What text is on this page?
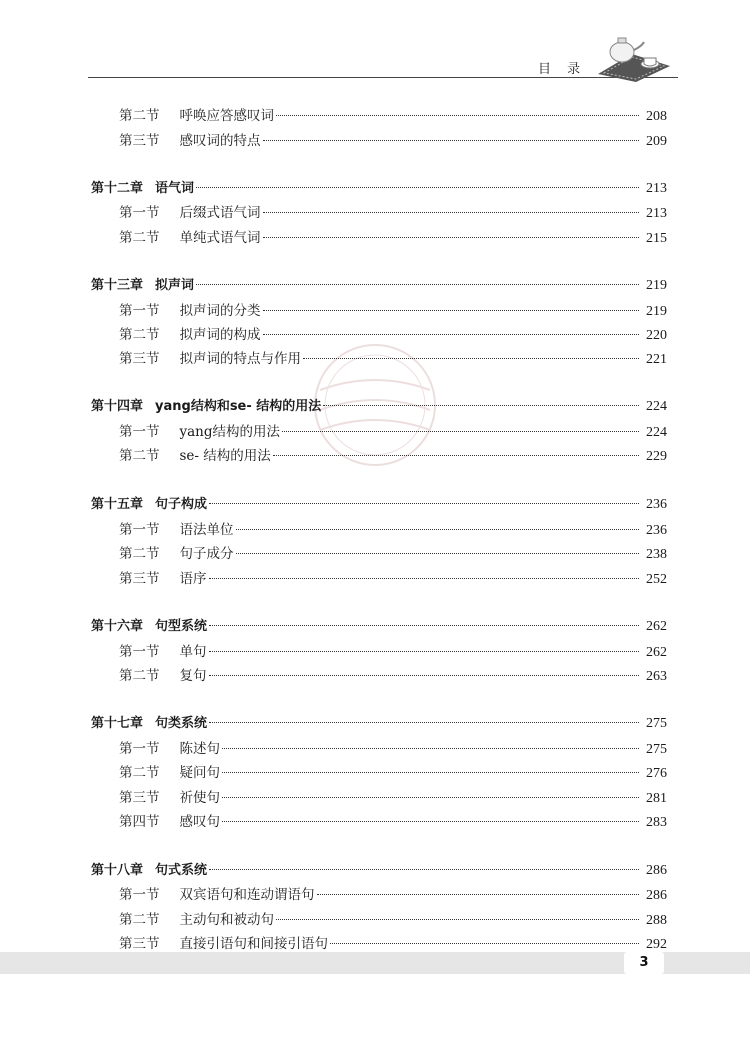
目 录
第二节 呼唤应答感叹词	208
第三节 感叹词的特点	209
第十二章 语气词	213
第一节 后缀式语气词	213
第二节 单纯式语气词	215
第十三章 拟声词	219
第一节 拟声词的分类	219
第二节 拟声词的构成	220
第三节 拟声词的特点与作用	221
第十四章 yang结构和se- 结构的用法	224
第一节 yang结构的用法	224
第二节 se- 结构的用法	229
第十五章 句子构成	236
第一节 语法单位	236
第二节 句子成分	238
第三节 语序	252
第十六章 句型系统	262
第一节 单句	262
第二节 复句	263
第十七章 句类系统	275
第一节 陈述句	275
第二节 疑问句	276
第三节 祈使句	281
第四节 感叹句	283
第十八章 句式系统	286
第一节 双宾语句和连动谓语句	286
第二节 主动句和被动句	288
第三节 直接引语句和间接引语句	292
3
